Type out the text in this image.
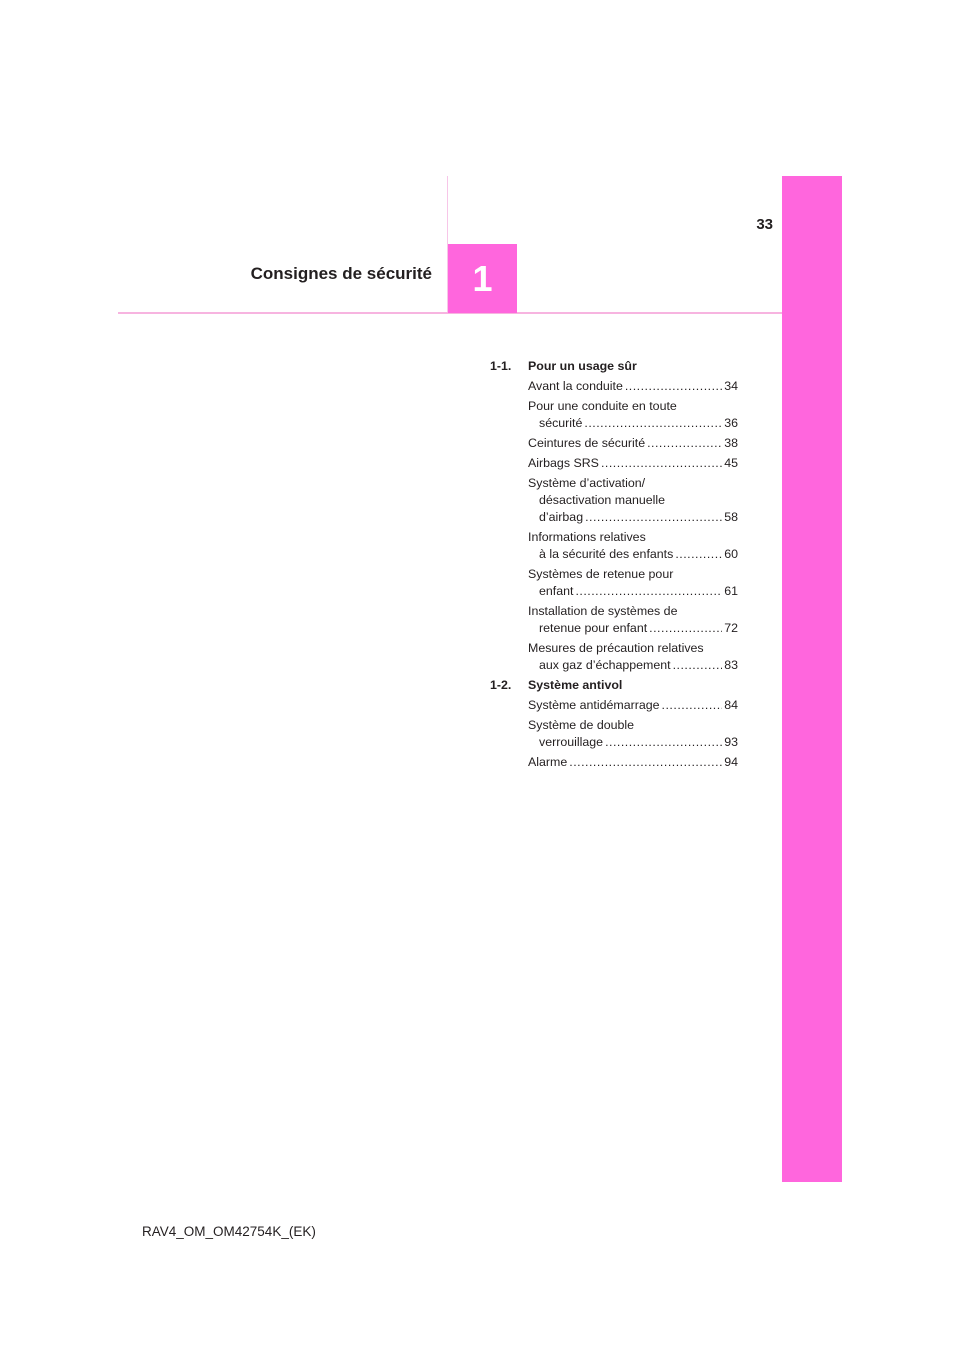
1
33
Consignes de sécurité
1-1.	Pour un usage sûr
Avant la conduite .....	34
Pour une conduite en toute
sécurité .....	36
Ceintures de sécurité .....	38
Airbags SRS .....	45
Système d’activation/
désactivation manuelle
d’airbag .....	58
Informations relatives
à la sécurité des enfants .....	60
Systèmes de retenue pour
enfant .....	61
Installation de systèmes de
retenue pour enfant .....	72
Mesures de précaution relatives
aux gaz d’échappement .....	83
1-2.	Système antivol
Système antidémarrage .....	84
Système de double
verrouillage .....	93
Alarme .....	94
RAV4_OM_OM42754K_(EK)
